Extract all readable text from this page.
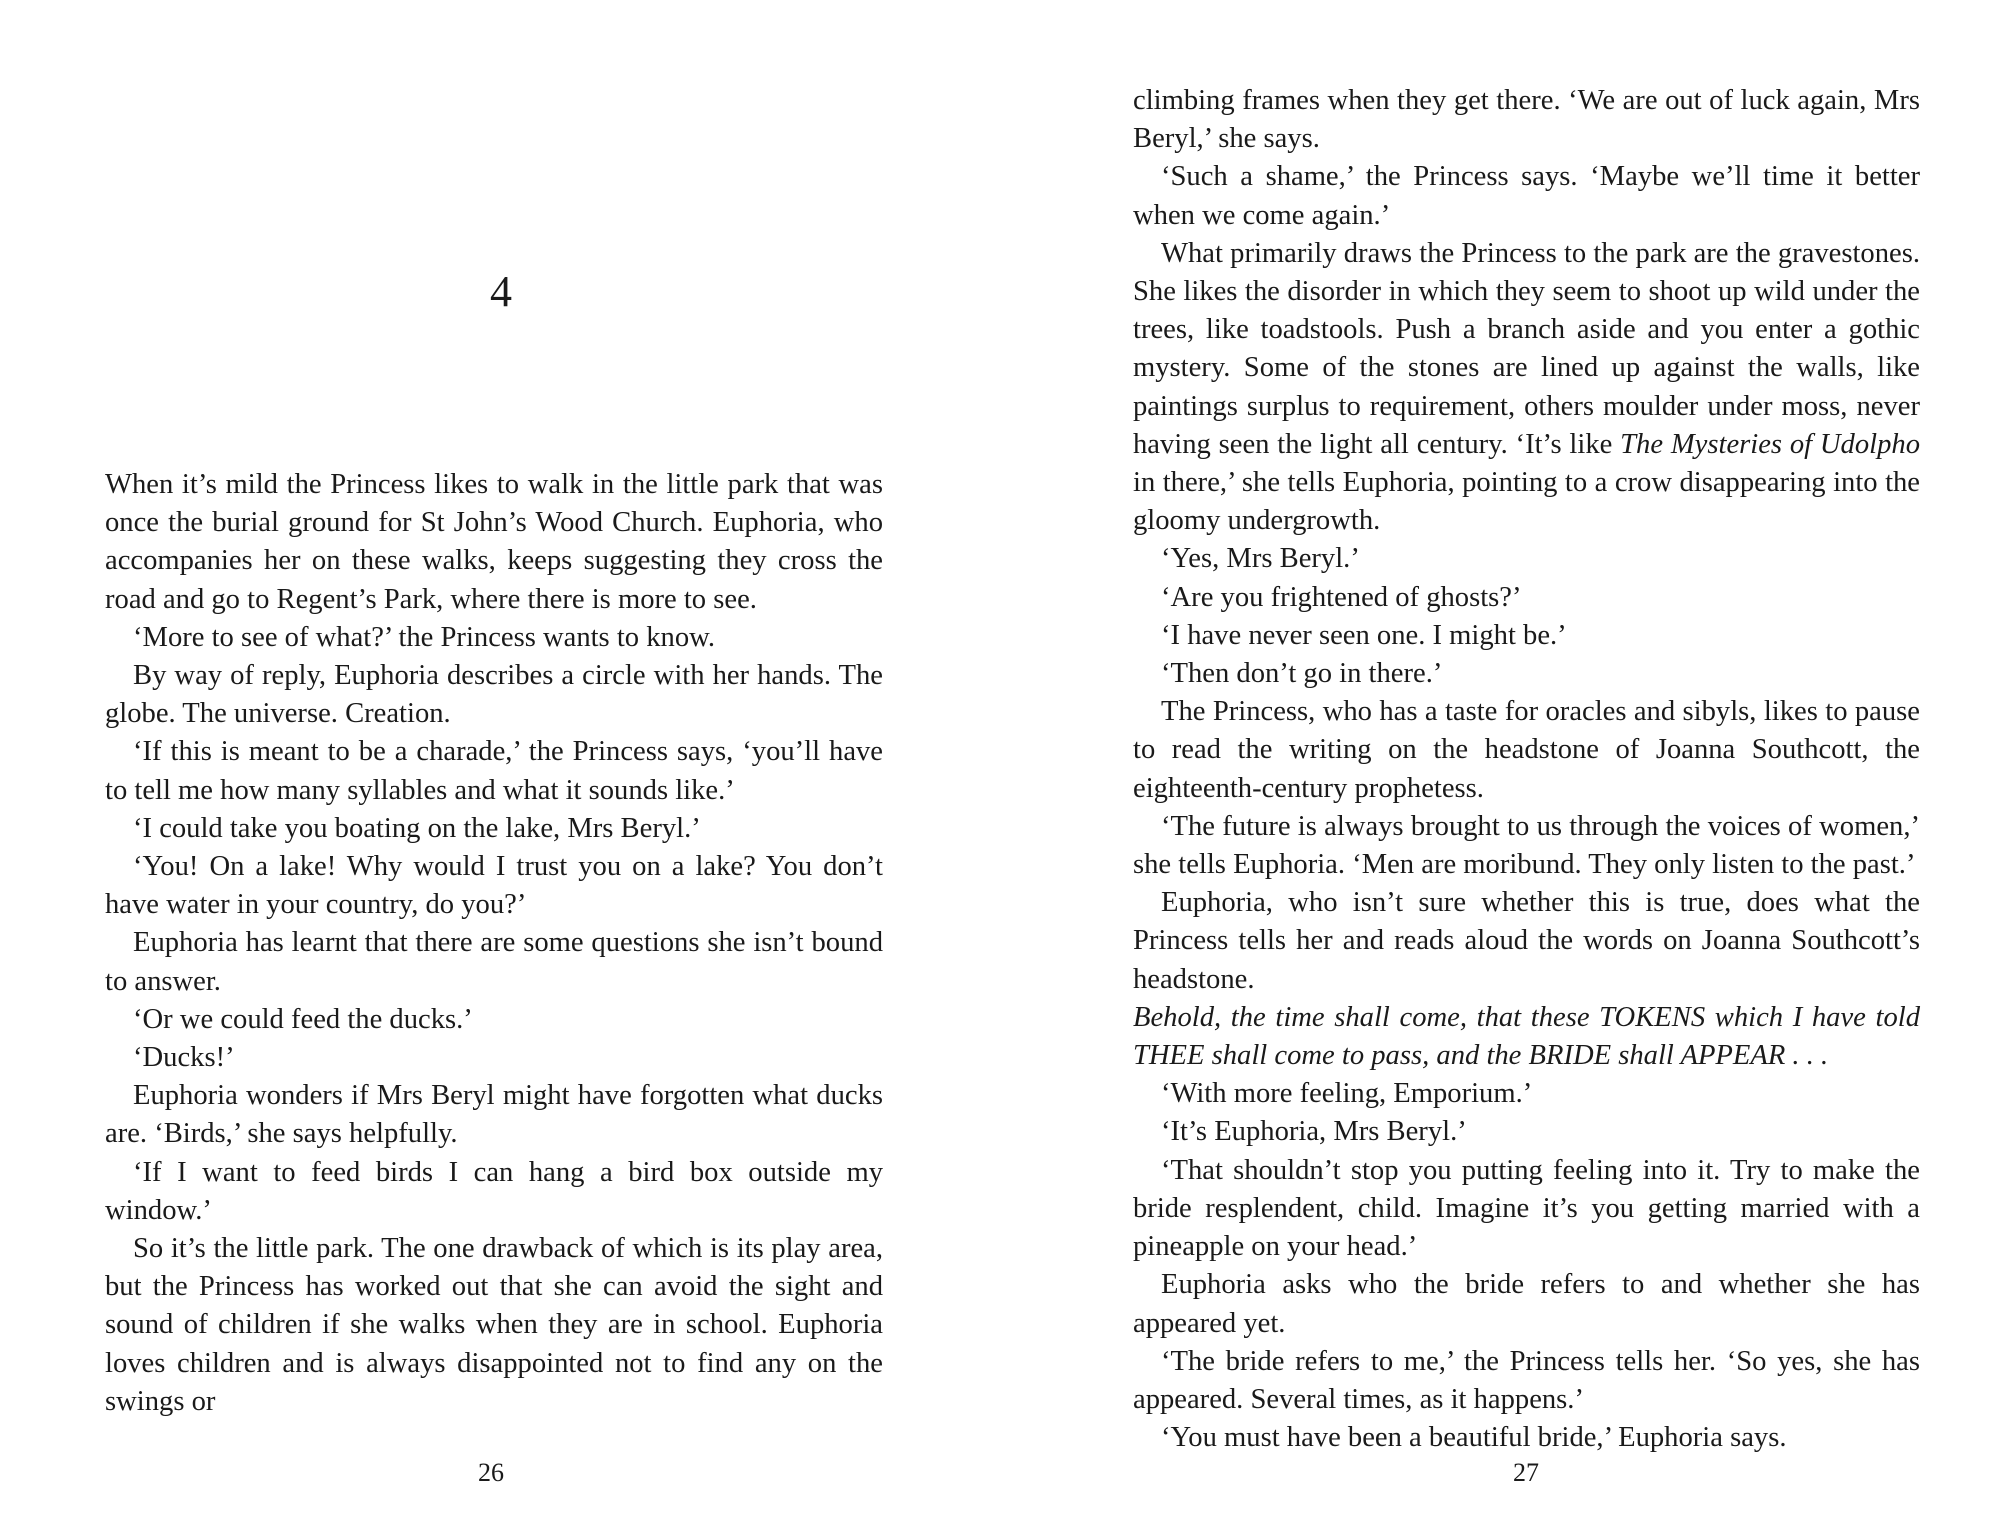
4

When it’s mild the Princess likes to walk in the little park that was once the burial ground for St John’s Wood Church. Euphoria, who accompanies her on these walks, keeps suggesting they cross the road and go to Regent’s Park, where there is more to see.

‘More to see of what?’ the Princess wants to know.

By way of reply, Euphoria describes a circle with her hands. The globe. The universe. Creation.

‘If this is meant to be a charade,’ the Princess says, ‘you’ll have to tell me how many syllables and what it sounds like.’

‘I could take you boating on the lake, Mrs Beryl.’

‘You! On a lake! Why would I trust you on a lake? You don’t have water in your country, do you?’

Euphoria has learnt that there are some questions she isn’t bound to answer.

‘Or we could feed the ducks.’

‘Ducks!’

Euphoria wonders if Mrs Beryl might have forgotten what ducks are. ‘Birds,’ she says helpfully.

‘If I want to feed birds I can hang a bird box outside my window.’

So it’s the little park. The one drawback of which is its play area, but the Princess has worked out that she can avoid the sight and sound of children if she walks when they are in school. Euphoria loves children and is always disappointed not to find any on the swings or

26

climbing frames when they get there. ‘We are out of luck again, Mrs Beryl,’ she says.

‘Such a shame,’ the Princess says. ‘Maybe we’ll time it better when we come again.’

What primarily draws the Princess to the park are the gravestones. She likes the disorder in which they seem to shoot up wild under the trees, like toadstools. Push a branch aside and you enter a gothic mystery. Some of the stones are lined up against the walls, like paintings surplus to requirement, others moulder under moss, never having seen the light all century. ‘It’s like The Mysteries of Udolpho in there,’ she tells Euphoria, pointing to a crow disappearing into the gloomy undergrowth.

‘Yes, Mrs Beryl.’

‘Are you frightened of ghosts?’

‘I have never seen one. I might be.’

‘Then don’t go in there.’

The Princess, who has a taste for oracles and sibyls, likes to pause to read the writing on the headstone of Joanna Southcott, the eighteenth-century prophetess.

‘The future is always brought to us through the voices of women,’ she tells Euphoria. ‘Men are moribund. They only listen to the past.’

Euphoria, who isn’t sure whether this is true, does what the Princess tells her and reads aloud the words on Joanna Southcott’s headstone.

Behold, the time shall come, that these TOKENS which I have told THEE shall come to pass, and the BRIDE shall APPEAR . . .

‘With more feeling, Emporium.’

‘It’s Euphoria, Mrs Beryl.’

‘That shouldn’t stop you putting feeling into it. Try to make the bride resplendent, child. Imagine it’s you getting married with a pineapple on your head.’

Euphoria asks who the bride refers to and whether she has appeared yet.

‘The bride refers to me,’ the Princess tells her. ‘So yes, she has appeared. Several times, as it happens.’

‘You must have been a beautiful bride,’ Euphoria says.

27
